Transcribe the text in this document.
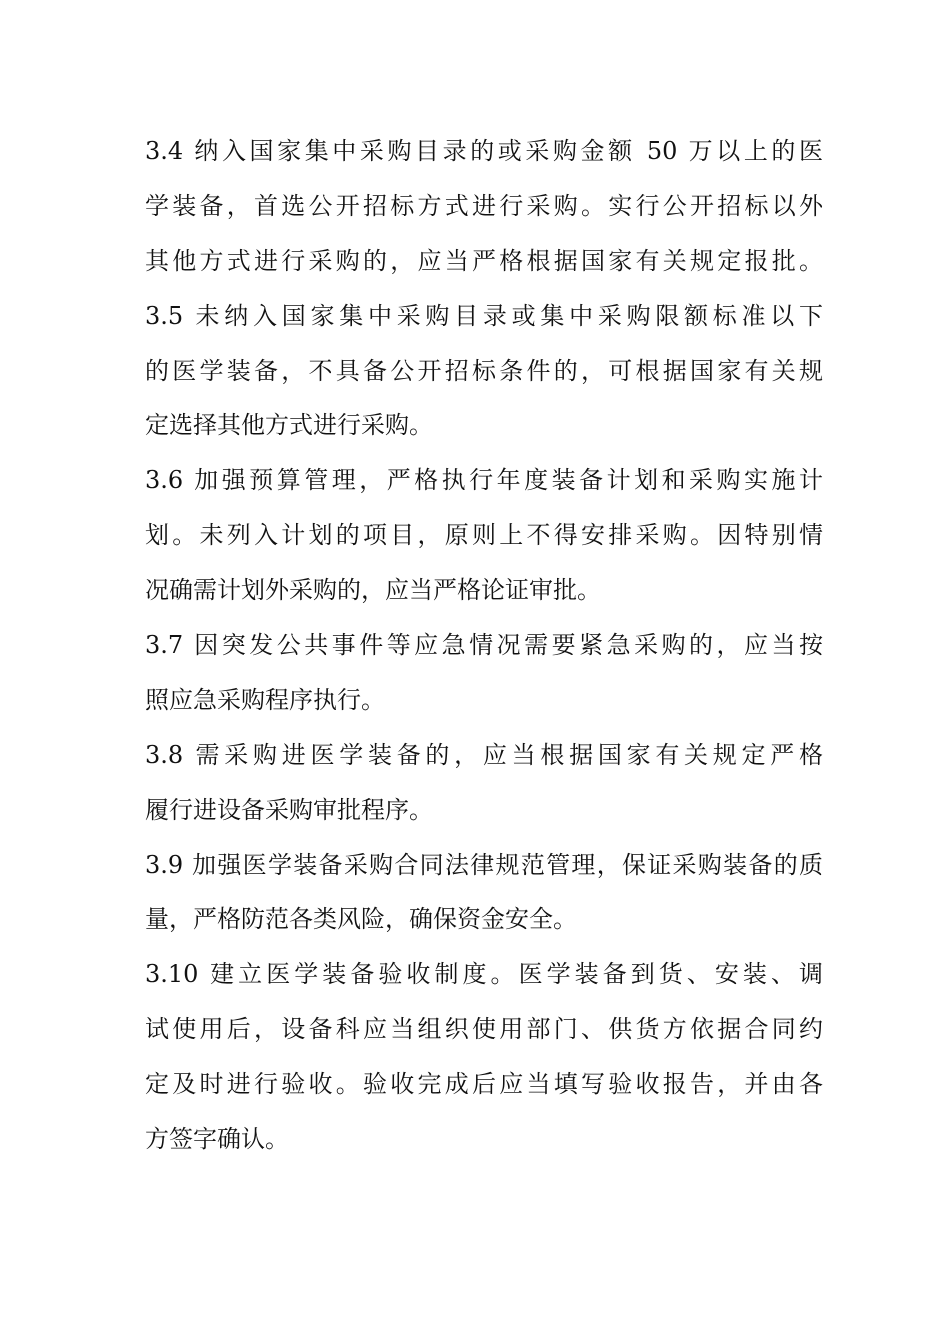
3.4 纳入国家集中采购目录的或采购金额 50 万以上的医
学装备，首选公开招标方式进行采购。实行公开招标以外
其他方式进行采购的，应当严格根据国家有关规定报批。
3.5 未纳入国家集中采购目录或集中采购限额标准以下
的医学装备，不具备公开招标条件的，可根据国家有关规
定选择其他方式进行采购。
3.6 加强预算管理，严格执行年度装备计划和采购实施计
划。未列入计划的项目，原则上不得安排采购。因特别情
况确需计划外采购的，应当严格论证审批。
3.7 因突发公共事件等应急情况需要紧急采购的，应当按
照应急采购程序执行。
3.8 需采购进医学装备的，应当根据国家有关规定严格
履行进设备采购审批程序。
3.9 加强医学装备采购合同法律规范管理，保证采购装备的质
量，严格防范各类风险，确保资金安全。
3.10 建立医学装备验收制度。医学装备到货、安装、调
试使用后，设备科应当组织使用部门、供货方依据合同约
定及时进行验收。验收完成后应当填写验收报告，并由各
方签字确认。
